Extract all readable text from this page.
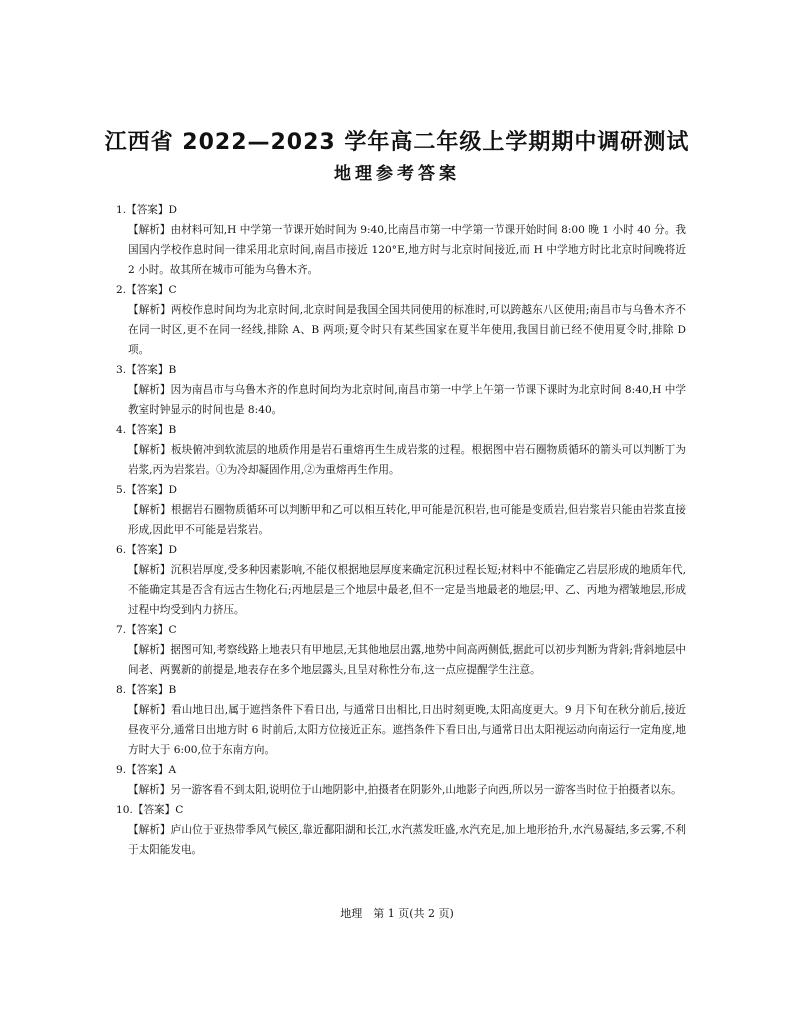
江西省 2022—2023 学年高二年级上学期期中调研测试
地理参考答案
1.【答案】D
【解析】由材料可知,H 中学第一节课开始时间为 9:40,比南昌市第一中学第一节课开始时间 8:00 晚 1 小时 40 分。我国国内学校作息时间一律采用北京时间,南昌市接近 120°E,地方时与北京时间接近,而 H 中学地方时比北京时间晚将近 2 小时。故其所在城市可能为乌鲁木齐。
2.【答案】C
【解析】两校作息时间均为北京时间,北京时间是我国全国共同使用的标准时,可以跨越东八区使用;南昌市与乌鲁木齐不在同一时区,更不在同一经线,排除 A、B 两项;夏令时只有某些国家在夏半年使用,我国目前已经不使用夏令时,排除 D 项。
3.【答案】B
【解析】因为南昌市与乌鲁木齐的作息时间均为北京时间,南昌市第一中学上午第一节课下课时为北京时间 8:40,H 中学教室时钟显示的时间也是 8:40。
4.【答案】B
【解析】板块俯冲到软流层的地质作用是岩石重熔再生生成岩浆的过程。根据图中岩石圈物质循环的箭头可以判断丁为岩浆,丙为岩浆岩。①为冷却凝固作用,②为重熔再生作用。
5.【答案】D
【解析】根据岩石圈物质循环可以判断甲和乙可以相互转化,甲可能是沉积岩,也可能是变质岩,但岩浆岩只能由岩浆直接形成,因此甲不可能是岩浆岩。
6.【答案】D
【解析】沉积岩厚度,受多种因素影响,不能仅根据地层厚度来确定沉积过程长短;材料中不能确定乙岩层形成的地质年代,不能确定其是否含有远古生物化石;丙地层是三个地层中最老,但不一定是当地最老的地层;甲、乙、丙地为褶皱地层,形成过程中均受到内力挤压。
7.【答案】C
【解析】据图可知,考察线路上地表只有甲地层,无其他地层出露,地势中间高两侧低,据此可以初步判断为背斜;背斜地层中间老、两翼新的前提是,地表存在多个地层露头,且呈对称性分布,这一点应提醒学生注意。
8.【答案】B
【解析】看山地日出,属于遮挡条件下看日出, 与通常日出相比,日出时刻更晚,太阳高度更大。9 月下旬在秋分前后,接近昼夜平分,通常日出地方时 6 时前后,太阳方位接近正东。遮挡条件下看日出,与通常日出太阳视运动向南运行一定角度,地方时大于 6:00,位于东南方向。
9.【答案】A
【解析】另一游客看不到太阳,说明位于山地阴影中,拍摄者在阴影外,山地影子向西,所以另一游客当时位于拍摄者以东。
10.【答案】C
【解析】庐山位于亚热带季风气候区,靠近鄱阳湖和长江,水汽蒸发旺盛,水汽充足,加上地形抬升,水汽易凝结,多云雾,不利于太阳能发电。
地理　第 1 页(共 2 页)
